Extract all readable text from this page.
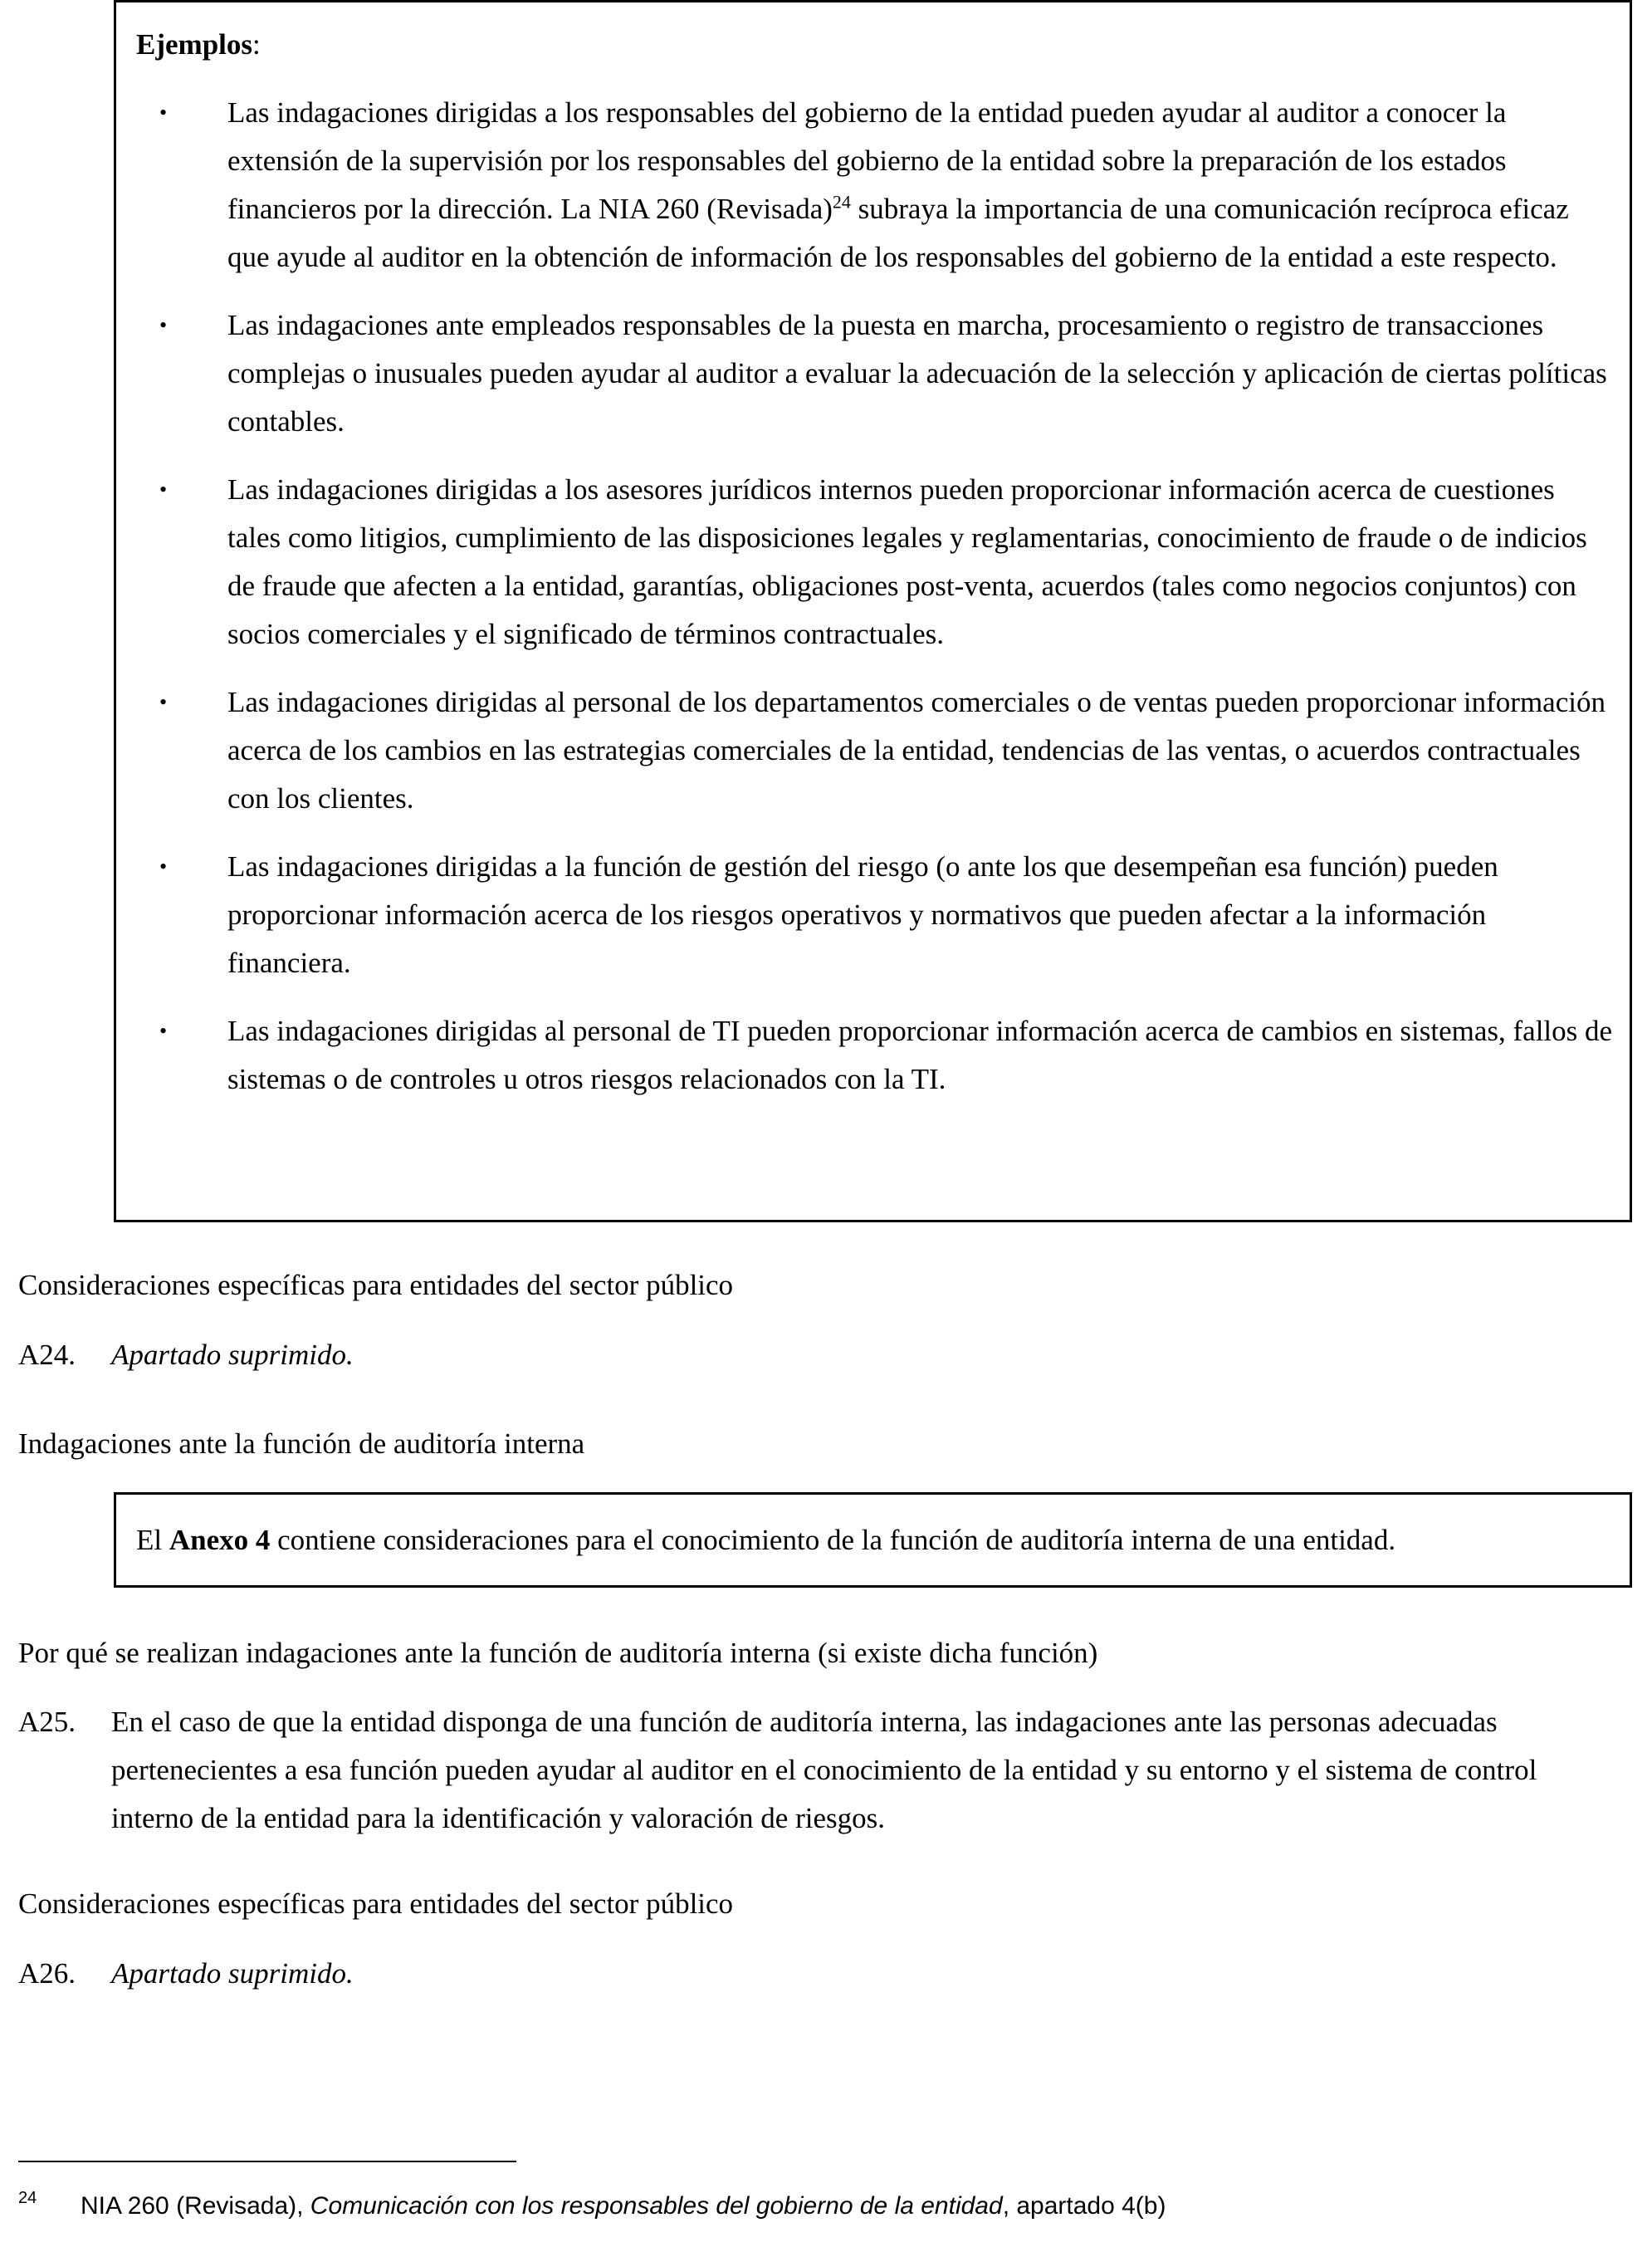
Ejemplos:
• Las indagaciones dirigidas a los responsables del gobierno de la entidad pueden ayudar al auditor a conocer la extensión de la supervisión por los responsables del gobierno de la entidad sobre la preparación de los estados financieros por la dirección. La NIA 260 (Revisada)$^{24}$ subraya la importancia de una comunicación recíproca eficaz que ayude al auditor en la obtención de información de los responsables del gobierno de la entidad a este respecto.
• Las indagaciones ante empleados responsables de la puesta en marcha, procesamiento o registro de transacciones complejas o inusuales pueden ayudar al auditor a evaluar la adecuación de la selección y aplicación de ciertas políticas contables.
• Las indagaciones dirigidas a los asesores jurídicos internos pueden proporcionar información acerca de cuestiones tales como litigios, cumplimiento de las disposiciones legales y reglamentarias, conocimiento de fraude o de indicios de fraude que afecten a la entidad, garantías, obligaciones post-venta, acuerdos (tales como negocios conjuntos) con socios comerciales y el significado de términos contractuales.
• Las indagaciones dirigidas al personal de los departamentos comerciales o de ventas pueden proporcionar información acerca de los cambios en las estrategias comerciales de la entidad, tendencias de las ventas, o acuerdos contractuales con los clientes.
• Las indagaciones dirigidas a la función de gestión del riesgo (o ante los que desempeñan esa función) pueden proporcionar información acerca de los riesgos operativos y normativos que pueden afectar a la información financiera.
• Las indagaciones dirigidas al personal de TI pueden proporcionar información acerca de cambios en sistemas, fallos de sistemas o de controles u otros riesgos relacionados con la TI.
Consideraciones específicas para entidades del sector público
A24. Apartado suprimido.
Indagaciones ante la función de auditoría interna
El Anexo 4 contiene consideraciones para el conocimiento de la función de auditoría interna de una entidad.
Por qué se realizan indagaciones ante la función de auditoría interna (si existe dicha función)
A25. En el caso de que la entidad disponga de una función de auditoría interna, las indagaciones ante las personas adecuadas pertenecientes a esa función pueden ayudar al auditor en el conocimiento de la entidad y su entorno y el sistema de control interno de la entidad para la identificación y valoración de riesgos.
Consideraciones específicas para entidades del sector público
A26. Apartado suprimido.
24 NIA 260 (Revisada), Comunicación con los responsables del gobierno de la entidad, apartado 4(b)
